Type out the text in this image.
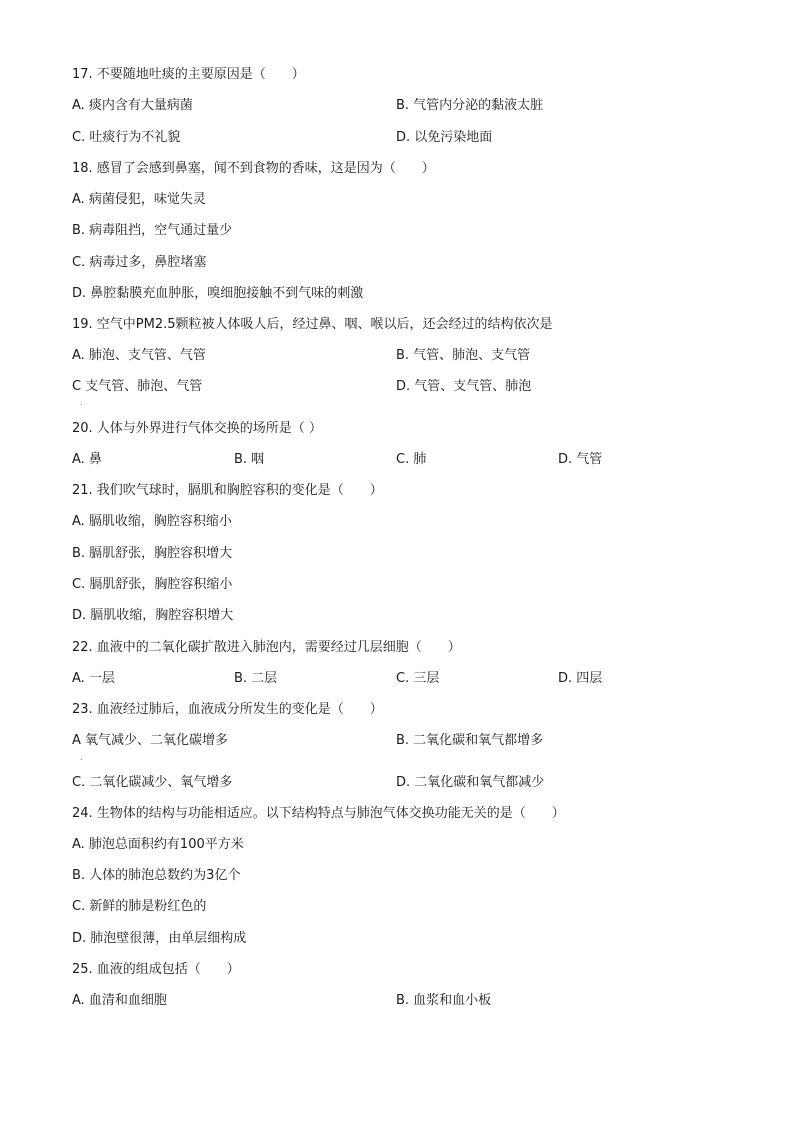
17. 不要随地吐痰的主要原因是（　　）
A. 痰内含有大量病菌	B. 气管内分泌的黏液太脏
C. 吐痰行为不礼貌	D. 以免污染地面
18. 感冒了会感到鼻塞，闻不到食物的香味，这是因为（　　）
A. 病菌侵犯，味觉失灵
B. 病毒阻挡，空气通过量少
C. 病毒过多，鼻腔堵塞
D. 鼻腔黏膜充血肿胀，嗅细胞接触不到气味的刺激
19. 空气中PM2.5颗粒被人体吸人后，经过鼻、咽、喉以后，还会经过的结构依次是
A. 肺泡、支气管、气管	B. 气管、肺泡、支气管
C 支气管、肺泡、气管	D. 气管、支气管、肺泡
.
20. 人体与外界进行气体交换的场所是（ ）
A. 鼻	B. 咽	C. 肺	D. 气管
21. 我们吹气球时，膈肌和胸腔容积的变化是（　　）
A. 膈肌收缩，胸腔容积缩小
B. 膈肌舒张，胸腔容积增大
C. 膈肌舒张，胸腔容积缩小
D. 膈肌收缩，胸腔容积增大
22. 血液中的二氧化碳扩散进入肺泡内，需要经过几层细胞（　　）
A. 一层	B. 二层	C. 三层	D. 四层
23. 血液经过肺后，血液成分所发生的变化是（　　）
A 氧气减少、二氧化碳增多	B. 二氧化碳和氧气都增多
.
C. 二氧化碳减少、氧气增多	D. 二氧化碳和氧气都减少
24. 生物体的结构与功能相适应。以下结构特点与肺泡气体交换功能无关的是（　　）
A. 肺泡总面积约有100平方米
B. 人体的肺泡总数约为3亿个
C. 新鲜的肺是粉红色的
D. 肺泡壁很薄，由单层细构成
25. 血液的组成包括（　　）
A. 血清和血细胞	B. 血浆和血小板
